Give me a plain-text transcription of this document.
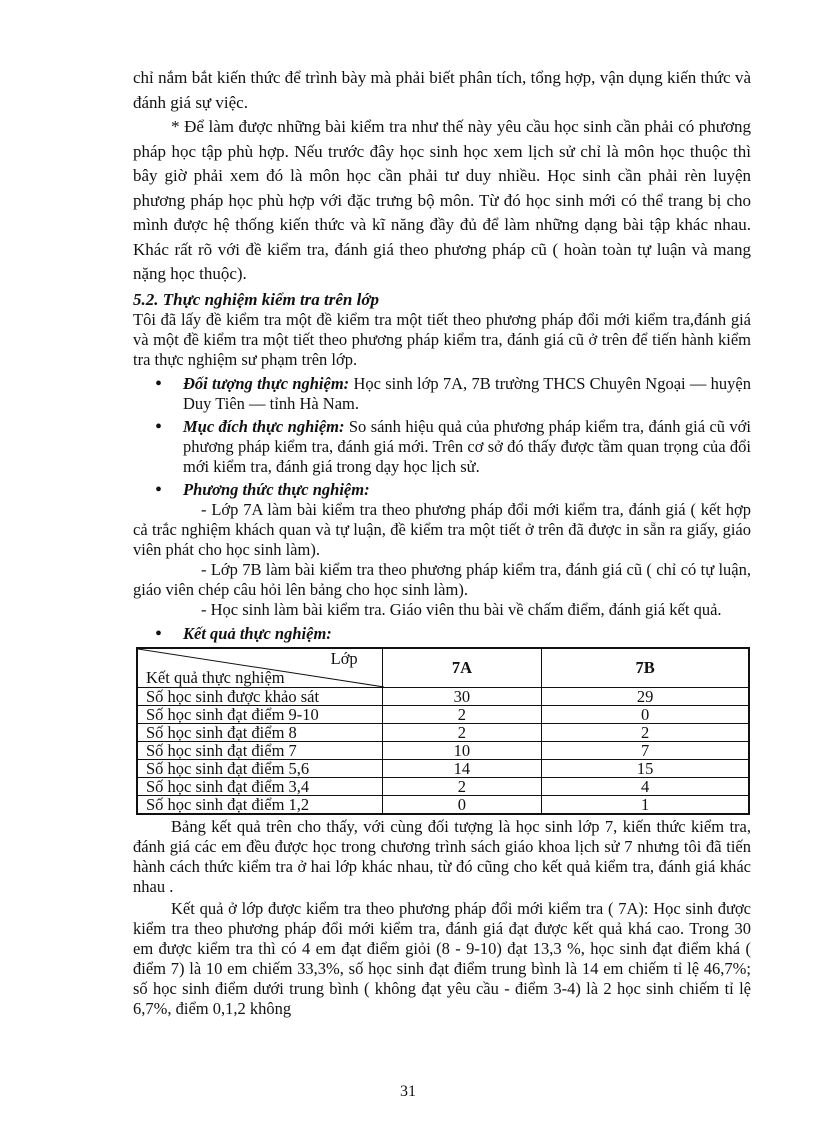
chỉ nắm bắt kiến thức để trình bày mà phải biết phân tích, tổng hợp, vận dụng kiến thức và đánh giá sự việc.

* Để làm được những bài kiểm tra như thế này yêu cầu học sinh cần phải có phương pháp học tập phù hợp. Nếu trước đây học sinh học xem lịch sử chỉ là môn học thuộc thì bây giờ phải xem đó là môn học cần phải tư duy nhiều. Học sinh cần phải rèn luyện phương pháp học phù hợp với đặc trưng bộ môn. Từ đó học sinh mới có thể trang bị cho mình được hệ thống kiến thức và kĩ năng đầy đủ để làm những dạng bài tập khác nhau. Khác rất rõ với đề kiểm tra, đánh giá theo phương pháp cũ ( hoàn toàn tự luận và mang nặng học thuộc).

5.2. Thực nghiệm kiểm tra trên lớp

Tôi đã lấy đề kiểm tra một đề kiểm tra một tiết theo phương pháp đổi mới kiểm tra,đánh giá và một đề kiểm tra một tiết theo phương pháp kiểm tra, đánh giá cũ ở trên để tiến hành kiểm tra thực nghiệm sư phạm trên lớp.

• Đối tượng thực nghiệm: Học sinh lớp 7A, 7B trường THCS Chuyên Ngoại — huyện Duy Tiên — tỉnh Hà Nam.
• Mục đích thực nghiệm: So sánh hiệu quả của phương pháp kiểm tra, đánh giá cũ với phương pháp kiểm tra, đánh giá mới. Trên cơ sở đó thấy được tầm quan trọng của đổi mới kiểm tra, đánh giá trong dạy học lịch sử.
• Phương thức thực nghiệm:

- Lớp 7A làm bài kiểm tra theo phương pháp đổi mới kiểm tra, đánh giá ( kết hợp cả trắc nghiệm khách quan và tự luận, đề kiểm tra một tiết ở trên đã được in sẵn ra giấy, giáo viên phát cho học sinh làm).

- Lớp 7B làm bài kiểm tra theo phương pháp kiểm tra, đánh giá cũ ( chỉ có tự luận, giáo viên chép câu hỏi lên bảng cho học sinh làm).

- Học sinh làm bài kiểm tra. Giáo viên thu bài về chấm điểm, đánh giá kết quả.

• Kết quả thực nghiệm:
Lớp
Kết quả thực nghiệm	7A	7B
Số học sinh được khảo sát	30	29
Số học sinh đạt điểm 9-10	2	0
Số học sinh đạt điểm 8	2	2
Số học sinh đạt điểm 7	10	7
Số học sinh đạt điểm 5,6	14	15
Số học sinh đạt điểm 3,4	2	4
Số học sinh đạt điểm 1,2	0	1

Bảng kết quả trên cho thấy, với cùng đối tượng là học sinh lớp 7, kiến thức kiểm tra, đánh giá các em đều được học trong chương trình sách giáo khoa lịch sử 7 nhưng tôi đã tiến hành cách thức kiểm tra ở hai lớp khác nhau, từ đó cũng cho kết quả kiểm tra, đánh giá khác nhau .

Kết quả ở lớp được kiểm tra theo phương pháp đổi mới kiểm tra ( 7A): Học sinh được kiểm tra theo phương pháp đổi mới kiểm tra, đánh giá đạt được kết quả khá cao. Trong 30 em được kiểm tra thì có 4 em đạt điểm giỏi (8 - 9-10) đạt 13,3 %, học sinh đạt điểm khá ( điểm 7) là 10 em chiếm 33,3%, số học sinh đạt điểm trung bình là 14 em chiếm tỉ lệ 46,7%; số học sinh điểm dưới trung bình ( không đạt yêu cầu - điểm 3-4) là 2 học sinh chiếm tỉ lệ 6,7%, điểm 0,1,2 không

31
